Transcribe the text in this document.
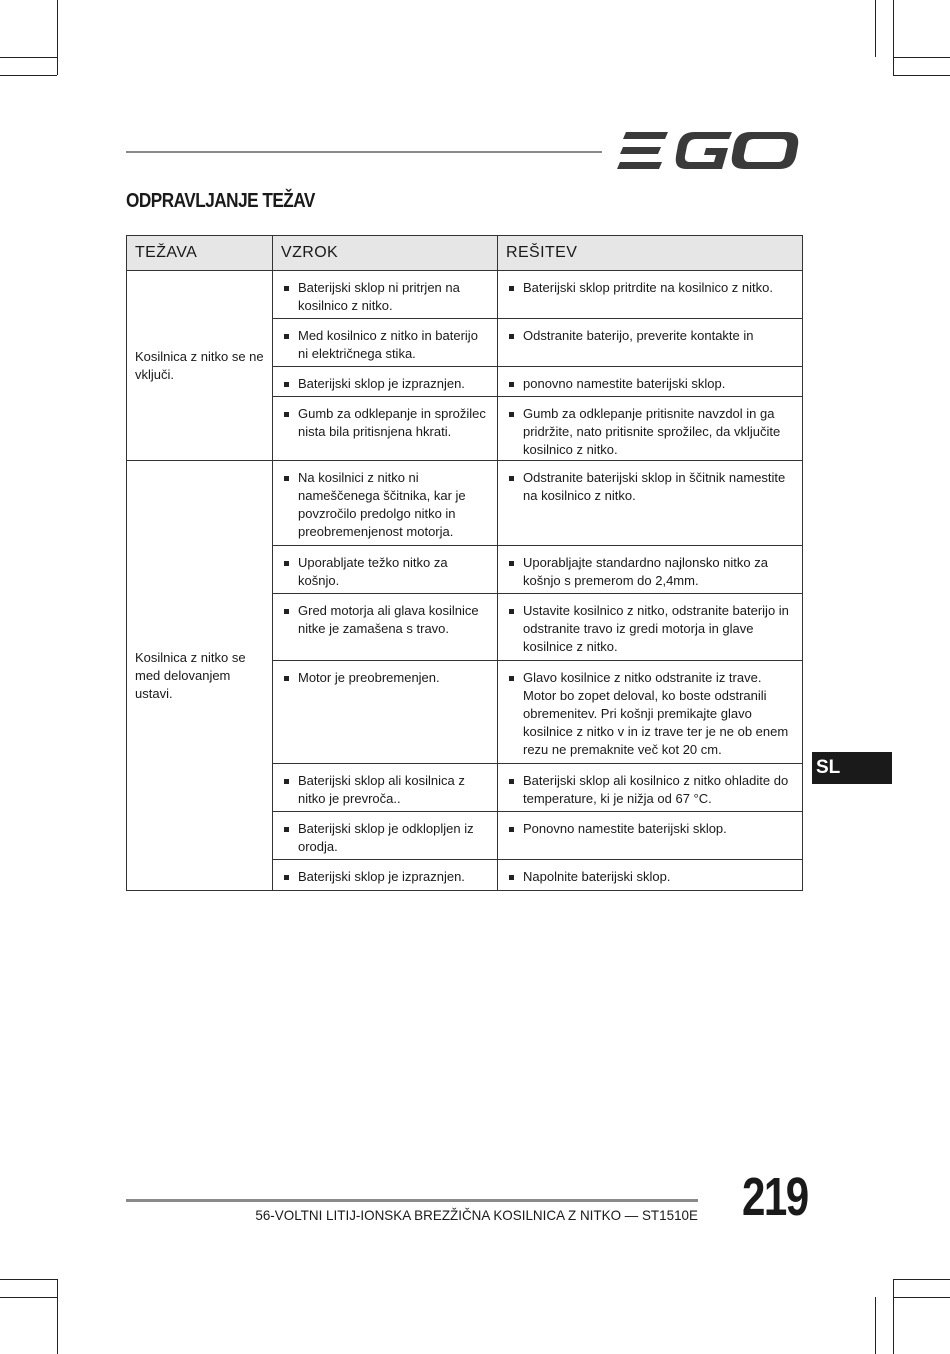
ODPRAVLJANJE TEŽAV
TEŽAVA	VZROK	REŠITEV
Kosilnica z nitko se ne vključi.	Baterijski sklop ni pritrjen na kosilnico z nitko.	Baterijski sklop pritrdite na kosilnico z nitko.

	Med kosilnico z nitko in baterijo ni električnega stika.	Odstranite baterijo, preverite kontakte in

	Baterijski sklop je izpraznjen.	ponovno namestite baterijski sklop.

	Gumb za odklepanje in sprožilec nista bila pritisnjena hkrati.	Gumb za odklepanje pritisnite navzdol in ga pridržite, nato pritisnite sprožilec, da vključite kosilnico z nitko.

Kosilnica z nitko se med delovanjem ustavi.	Na kosilnici z nitko ni nameščenega ščitnika, kar je povzročilo predolgo nitko in preobremenjenost motorja.	Odstranite baterijski sklop in ščitnik namestite na kosilnico z nitko.

	Uporabljate težko nitko za košnjo.	Uporabljajte standardno najlonsko nitko za košnjo s premerom do 2,4mm.

	Gred motorja ali glava kosilnice nitke je zamašena s travo.	Ustavite kosilnico z nitko, odstranite baterijo in odstranite travo iz gredi motorja in glave kosilnice z nitko.

	Motor je preobremenjen.	Glavo kosilnice z nitko odstranite iz trave. Motor bo zopet deloval, ko boste odstranili obremenitev. Pri košnji premikajte glavo kosilnice z nitko v in iz trave ter je ne ob enem rezu ne premaknite več kot 20 cm.

	Baterijski sklop ali kosilnica z nitko je prevroča..	Baterijski sklop ali kosilnico z nitko ohladite do temperature, ki je nižja od 67 °C.

	Baterijski sklop je odklopljen iz orodja.	Ponovno namestite baterijski sklop.

	Baterijski sklop je izpraznjen.	Napolnite baterijski sklop.
SL
56-VOLTNI LITIJ-IONSKA BREZŽIČNA KOSILNICA Z NITKO — ST1510E 219
